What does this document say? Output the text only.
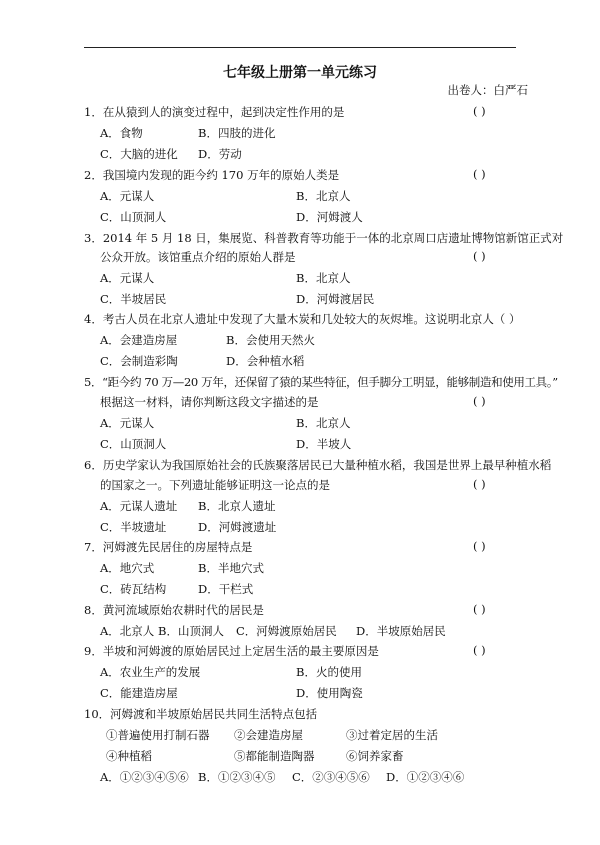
七年级上册第一单元练习
出卷人：白严石
1．在从猿到人的演变过程中，起到决定性作用的是	( )
A．食物	B．四肢的进化
C．大脑的进化 D．劳动
2．我国境内发现的距今约 170 万年的原始人类是	( )
A．元谋人	B．北京人
C．山顶洞人	D．河姆渡人
3．2014 年 5 月 18 日，集展览、科普教育等功能于一体的北京周口店遗址博物馆新馆正式对
公众开放。该馆重点介绍的原始人群是	( )
A．元谋人	B．北京人
C．半坡居民	D．河姆渡居民
4．考古人员在北京人遗址中发现了大量木炭和几处较大的灰烬堆。这说明北京人（ ）
A．会建造房屋	B．会使用天然火
C．会制造彩陶	D．会种植水稻
5．“距今约 70 万—20 万年，还保留了猿的某些特征，但手脚分工明显，能够制造和使用工具。”
根据这一材料，请你判断这段文字描述的是	( )
A．元谋人	B．北京人
C．山顶洞人	D．半坡人
6．历史学家认为我国原始社会的氏族聚落居民已大量种植水稻，我国是世界上最早种植水稻
的国家之一。下列遗址能够证明这一论点的是	( )
A．元谋人遗址 B．北京人遗址
C．半坡遗址	D．河姆渡遗址
7．河姆渡先民居住的房屋特点是	( )
A．地穴式	B．半地穴式
C．砖瓦结构	D．干栏式
8．黄河流域原始农耕时代的居民是	( )
A．北京人 B．山顶洞人 C．河姆渡原始居民 D．半坡原始居民
9．半坡和河姆渡的原始居民过上定居生活的最主要原因是	( )
A．农业生产的发展	B．火的使用
C．能建造房屋	D．使用陶瓷
10．河姆渡和半坡原始居民共同生活特点包括
①普遍使用打制石器 ②会建造房屋	③过着定居的生活
④种植稻	⑤都能制造陶器	⑥饲养家畜
A．①②③④⑤⑥ B．①②③④⑤ C．②③④⑤⑥ D．①②③④⑥
